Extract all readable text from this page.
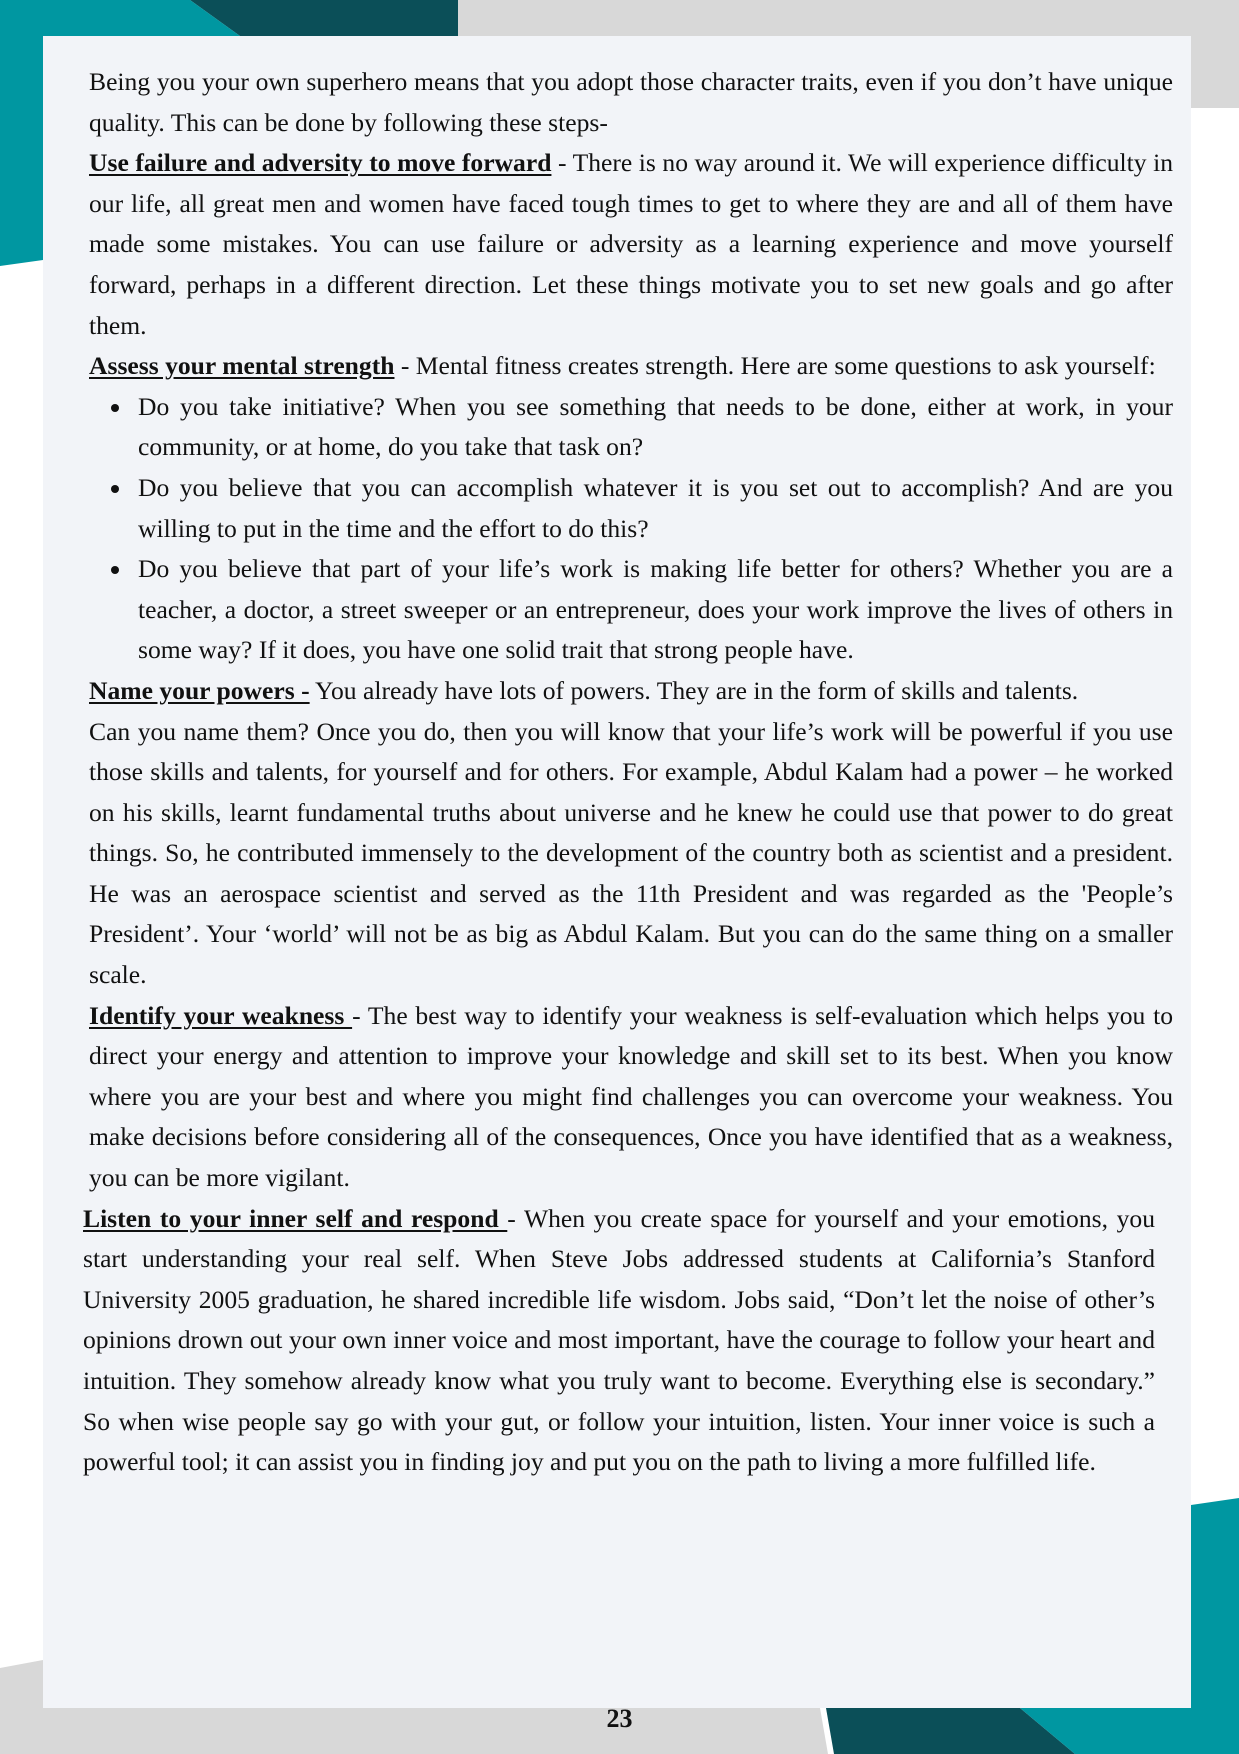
Being you your own superhero means that you adopt those character traits, even if you don’t have unique quality. This can be done by following these steps-

Use failure and adversity to move forward - There is no way around it. We will experience difficulty in our life, all great men and women have faced tough times to get to where they are and all of them have made some mistakes. You can use failure or adversity as a learning experience and move yourself forward, perhaps in a different direction. Let these things motivate you to set new goals and go after them.

Assess your mental strength - Mental fitness creates strength. Here are some questions to ask yourself:

Do you take initiative? When you see something that needs to be done, either at work, in your community, or at home, do you take that task on?
Do you believe that you can accomplish whatever it is you set out to accomplish? And are you willing to put in the time and the effort to do this?
Do you believe that part of your life’s work is making life better for others? Whether you are a teacher, a doctor, a street sweeper or an entrepreneur, does your work improve the lives of others in some way? If it does, you have one solid trait that strong people have.

Name your powers - You already have lots of powers. They are in the form of skills and talents.

Can you name them? Once you do, then you will know that your life’s work will be powerful if you use those skills and talents, for yourself and for others. For example, Abdul Kalam had a power – he worked on his skills, learnt fundamental truths about universe and he knew he could use that power to do great things. So, he contributed immensely to the development of the country both as scientist and a president. He was an aerospace scientist and served as the 11th President and was regarded as the 'People’s President’. Your ‘world’ will not be as big as Abdul Kalam. But you can do the same thing on a smaller scale.

Identify your weakness - The best way to identify your weakness is self-evaluation which helps you to direct your energy and attention to improve your knowledge and skill set to its best. When you know where you are your best and where you might find challenges you can overcome your weakness. You make decisions before considering all of the consequences, Once you have identified that as a weakness, you can be more vigilant.

Listen to your inner self and respond - When you create space for yourself and your emotions, you start understanding your real self. When Steve Jobs addressed students at California’s Stanford University 2005 graduation, he shared incredible life wisdom. Jobs said, “Don’t let the noise of other’s opinions drown out your own inner voice and most important, have the courage to follow your heart and intuition. They somehow already know what you truly want to become. Everything else is secondary.” So when wise people say go with your gut, or follow your intuition, listen. Your inner voice is such a powerful tool; it can assist you in finding joy and put you on the path to living a more fulfilled life.

23
